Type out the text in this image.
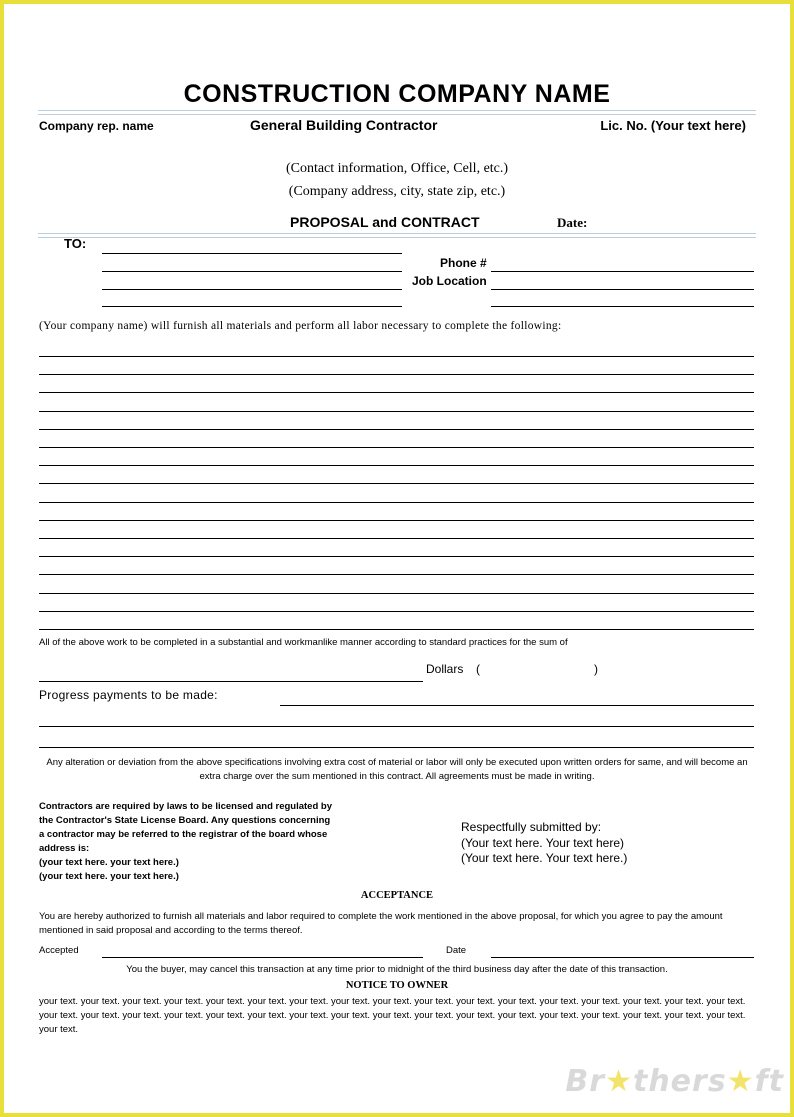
CONSTRUCTION COMPANY NAME
Company rep. name	General Building Contractor	Lic. No. (Your text here)
(Contact information, Office, Cell, etc.)
(Company address, city, state zip, etc.)
PROPOSAL and CONTRACT	Date:
TO:
Phone #
Job Location
(Your company name) will furnish all materials and perform all labor necessary to complete the following:
All of the above work to be completed in a substantial and workmanlike manner according to standard practices for the sum of
Dollars (	)
Progress payments to be made:
Any alteration or deviation from the above specifications involving extra cost of material or labor will only be executed upon written orders for same, and will become an extra charge over the sum mentioned in this contract. All agreements must be made in writing.
Contractors are required by laws to be licensed and regulated by
the Contractor's State License Board. Any questions concerning
a contractor may be referred to the registrar of the board whose
address is:
(your text here. your text here.)
(your text here. your text here.)
Respectfully submitted by:
(Your text here. Your text here)
(Your text here. Your text here.)
ACCEPTANCE
You are hereby authorized to furnish all materials and labor required to complete the work mentioned in the above proposal, for which you agree to pay the amount mentioned in said proposal and according to the terms thereof.
Accepted	Date
You the buyer, may cancel this transaction at any time prior to midnight of the third business day after the date of this transaction.
NOTICE TO OWNER
your text. your text. your text. your text. your text. your text. your text. your text. your text. your text. your text. your text. your text. your text. your text. your text. your text. your text. your text. your text. your text. your text. your text. your text. your text. your text. your text. your text. your text. your text. your text. your text. your text. your text. your text.
Br★thers★ft
